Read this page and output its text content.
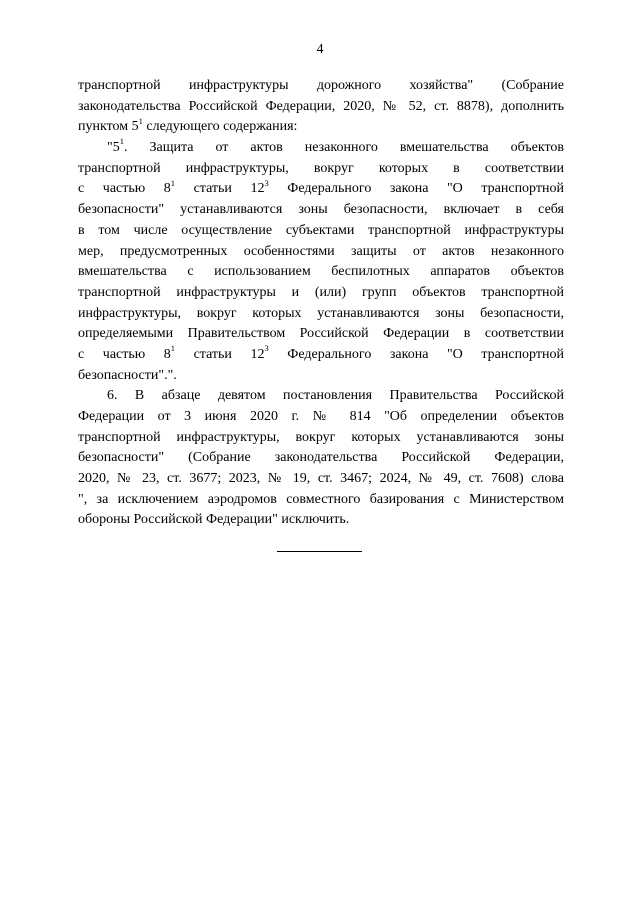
4
транспортной инфраструктуры дорожного хозяйства" (Собрание
законодательства Российской Федерации, 2020, № 52, ст. 8878), дополнить
пунктом $5^1$ следующего содержания:
"$5^1$. Защита от актов незаконного вмешательства объектов
транспортной инфраструктуры, вокруг которых в соответствии
с частью $8^1$ статьи $12^3$ Федерального закона "О транспортной
безопасности" устанавливаются зоны безопасности, включает в себя
в том числе осуществление субъектами транспортной инфраструктуры
мер, предусмотренных особенностями защиты от актов незаконного
вмешательства с использованием беспилотных аппаратов объектов
транспортной инфраструктуры и (или) групп объектов транспортной
инфраструктуры, вокруг которых устанавливаются зоны безопасности,
определяемыми Правительством Российской Федерации в соответствии
с частью $8^1$ статьи $12^3$ Федерального закона "О транспортной
безопасности".".
6. В абзаце девятом постановления Правительства Российской
Федерации от 3 июня 2020 г. № 814 "Об определении объектов
транспортной инфраструктуры, вокруг которых устанавливаются зоны
безопасности" (Собрание законодательства Российской Федерации,
2020, № 23, ст. 3677; 2023, № 19, ст. 3467; 2024, № 49, ст. 7608) слова
", за исключением аэродромов совместного базирования с Министерством
обороны Российской Федерации" исключить.
